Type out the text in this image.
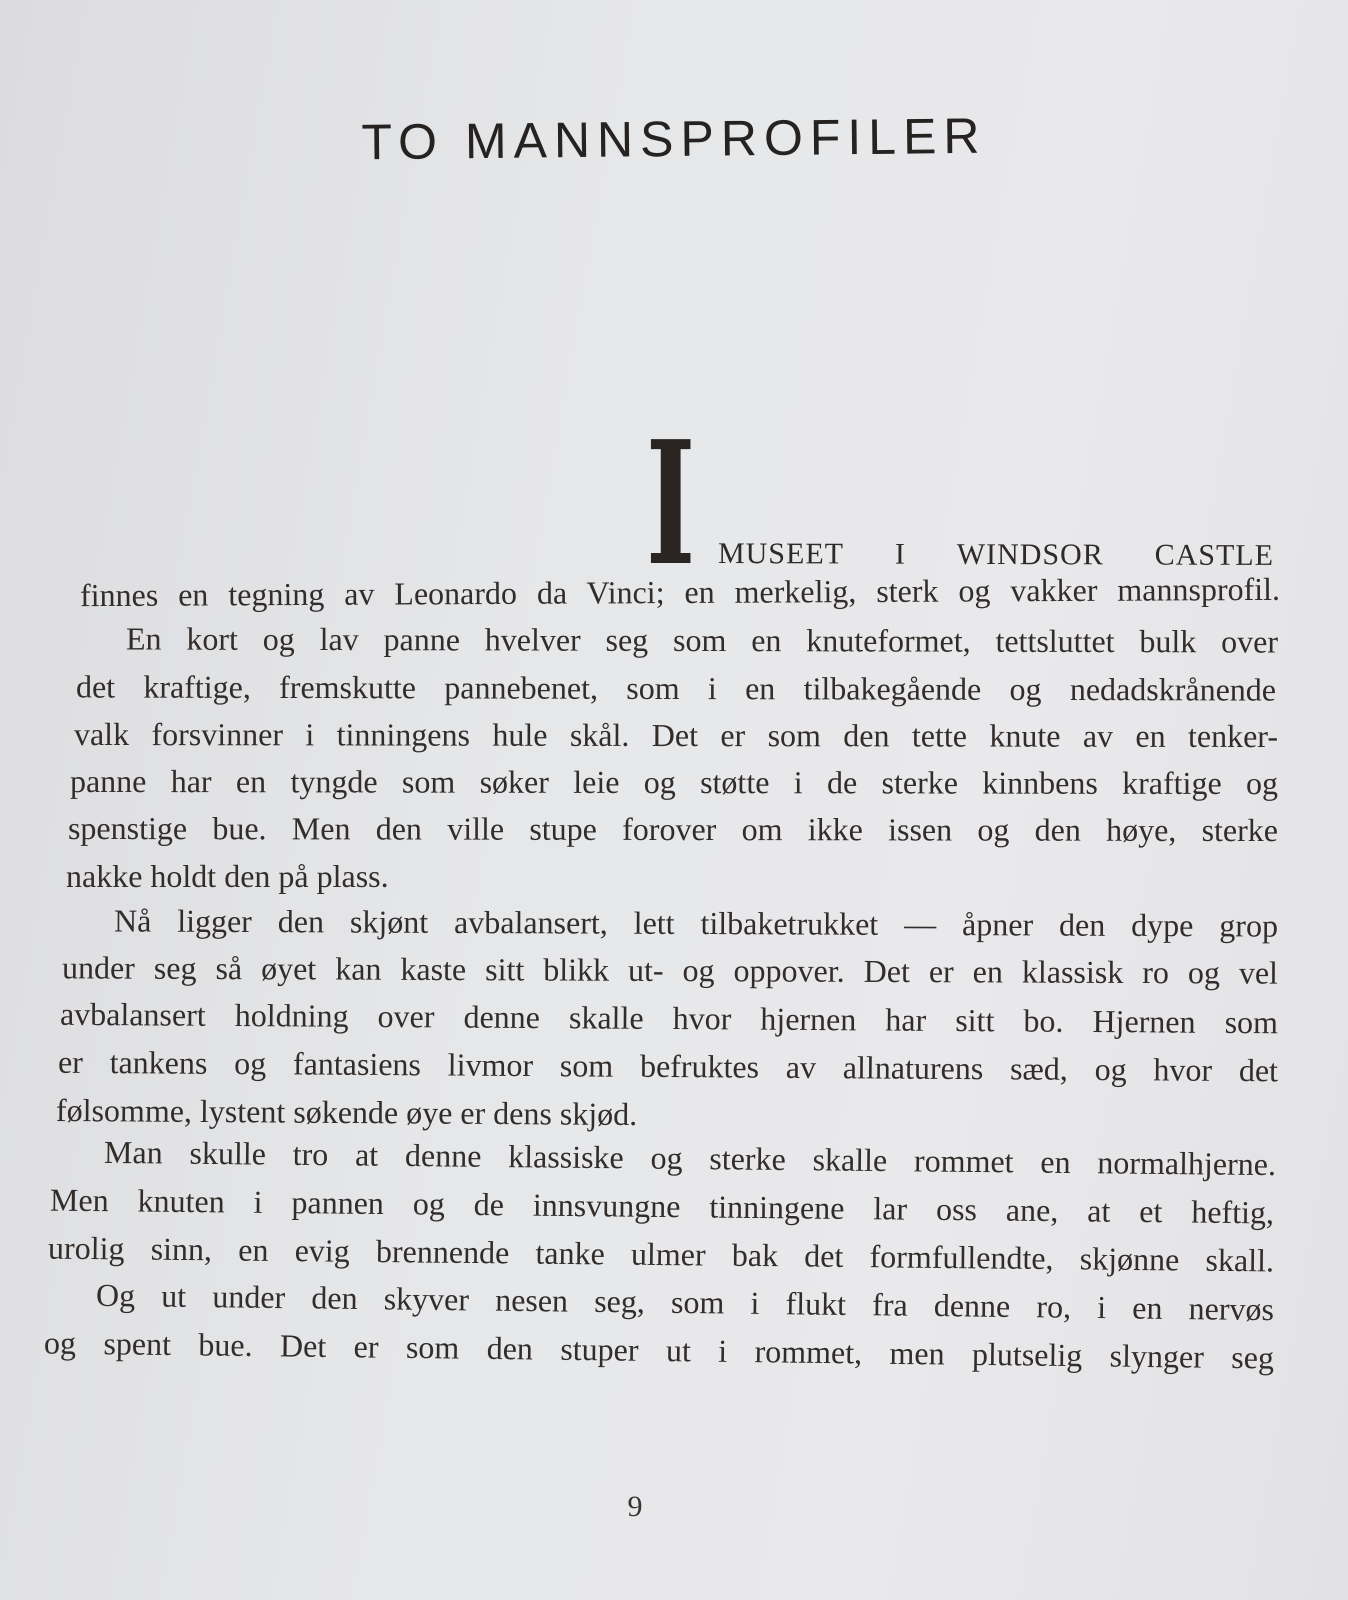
TO MANNSPROFILER
I MUSEET I WINDSOR CASTLE
finnes en tegning av Leonardo da Vinci; en merkelig, sterk og vakker mannsprofil.
En kort og lav panne hvelver seg som en knuteformet, tettsluttet bulk over
det kraftige, fremskutte pannebenet, som i en tilbakegående og nedadskrånende
valk forsvinner i tinningens hule skål. Det er som den tette knute av en tenker-
panne har en tyngde som søker leie og støtte i de sterke kinnbens kraftige og
spenstige bue. Men den ville stupe forover om ikke issen og den høye, sterke
nakke holdt den på plass.
Nå ligger den skjønt avbalansert, lett tilbaketrukket — åpner den dype grop
under seg så øyet kan kaste sitt blikk ut- og oppover. Det er en klassisk ro og vel
avbalansert holdning over denne skalle hvor hjernen har sitt bo. Hjernen som
er tankens og fantasiens livmor som befruktes av allnaturens sæd, og hvor det
følsomme, lystent søkende øye er dens skjød.
Man skulle tro at denne klassiske og sterke skalle rommet en normalhjerne.
Men knuten i pannen og de innsvungne tinningene lar oss ane, at et heftig,
urolig sinn, en evig brennende tanke ulmer bak det formfullendte, skjønne skall.
Og ut under den skyver nesen seg, som i flukt fra denne ro, i en nervøs
og spent bue. Det er som den stuper ut i rommet, men plutselig slynger seg
9
